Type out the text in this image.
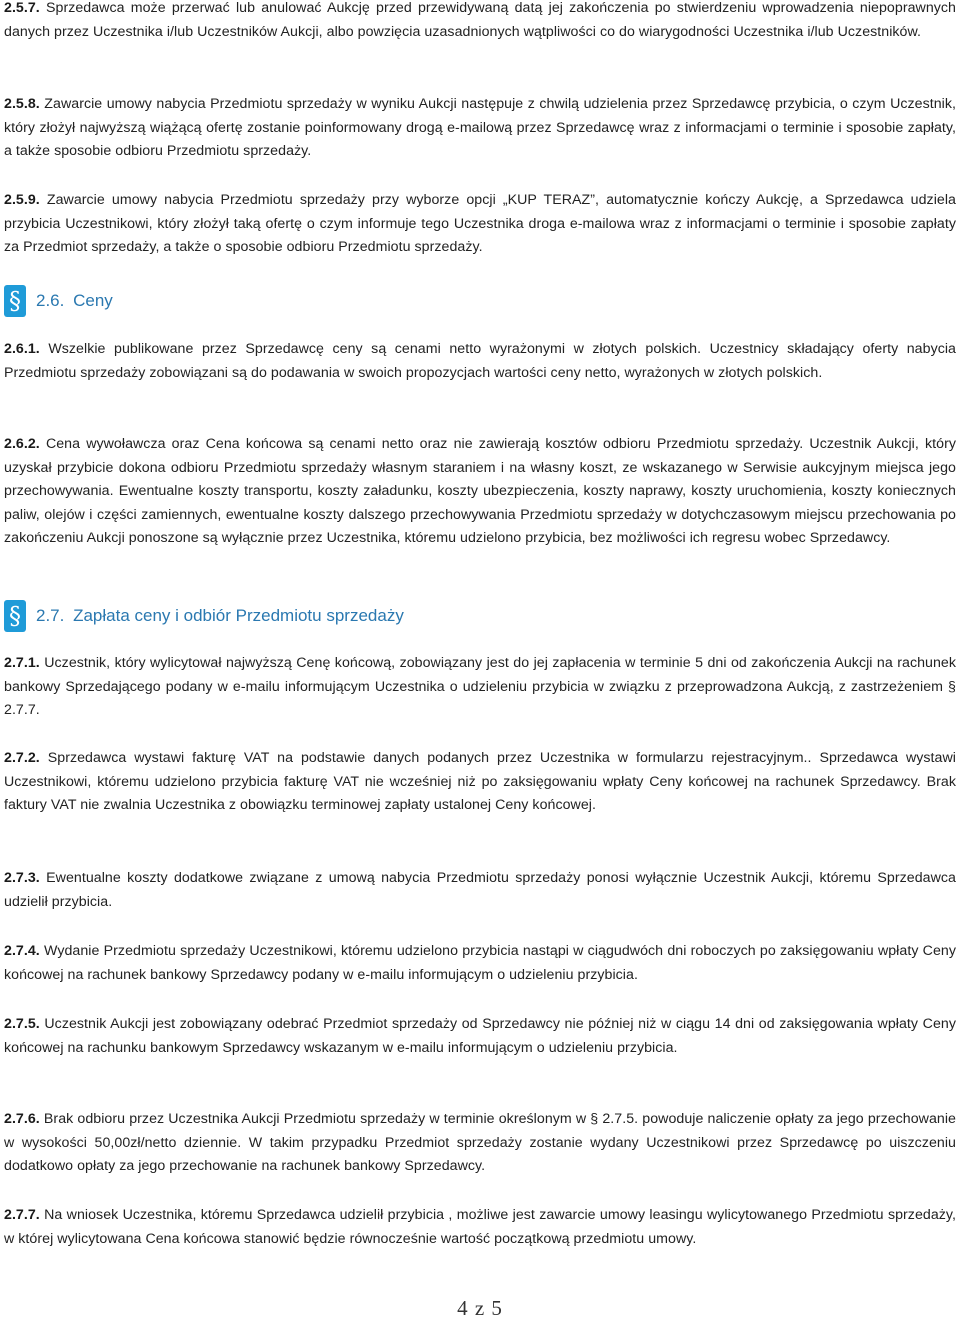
2.5.7. Sprzedawca może przerwać lub anulować Aukcję przed przewidywaną datą jej zakończenia po stwierdzeniu wprowadzenia niepoprawnych danych przez Uczestnika i/lub Uczestników Aukcji, albo powzięcia uzasadnionych wątpliwości co do wiarygodności Uczestnika i/lub Uczestników.
2.5.8. Zawarcie umowy nabycia Przedmiotu sprzedaży w wyniku Aukcji następuje z chwilą udzielenia przez Sprzedawcę przybicia, o czym Uczestnik, który złożył najwyższą wiążącą ofertę zostanie poinformowany drogą e-mailową przez Sprzedawcę wraz z informacjami o terminie i sposobie zapłaty, a także sposobie odbioru Przedmiotu sprzedaży.
2.5.9. Zawarcie umowy nabycia Przedmiotu sprzedaży przy wyborze opcji „KUP TERAZ”, automatycznie kończy Aukcję, a Sprzedawca udziela przybicia Uczestnikowi, który złożył taką ofertę o czym informuje tego Uczestnika droga e-mailowa wraz z informacjami o terminie i sposobie zapłaty za Przedmiot sprzedaży, a także o sposobie odbioru Przedmiotu sprzedaży.
§ 2.6. Ceny
2.6.1. Wszelkie publikowane przez Sprzedawcę ceny są cenami netto wyrażonymi w złotych polskich. Uczestnicy składający oferty nabycia Przedmiotu sprzedaży zobowiązani są do podawania w swoich propozycjach wartości ceny netto, wyrażonych w złotych polskich.
2.6.2. Cena wywoławcza oraz Cena końcowa są cenami netto oraz nie zawierają kosztów odbioru Przedmiotu sprzedaży. Uczestnik Aukcji, który uzyskał przybicie dokona odbioru Przedmiotu sprzedaży własnym staraniem i na własny koszt, ze wskazanego w Serwisie aukcyjnym miejsca jego przechowywania. Ewentualne koszty transportu, koszty załadunku, koszty ubezpieczenia, koszty naprawy, koszty uruchomienia, koszty koniecznych paliw, olejów i części zamiennych, ewentualne koszty dalszego przechowywania Przedmiotu sprzedaży w dotychczasowym miejscu przechowania po zakończeniu Aukcji ponoszone są wyłącznie przez Uczestnika, któremu udzielono przybicia, bez możliwości ich regresu wobec Sprzedawcy.
§ 2.7. Zapłata ceny i odbiór Przedmiotu sprzedaży
2.7.1. Uczestnik, który wylicytował najwyższą Cenę końcową, zobowiązany jest do jej zapłacenia w terminie 5 dni od zakończenia Aukcji na rachunek bankowy Sprzedającego podany w e-mailu informującym Uczestnika o udzieleniu przybicia w związku z przeprowadzona Aukcją, z zastrzeżeniem § 2.7.7.
2.7.2. Sprzedawca wystawi fakturę VAT na podstawie danych podanych przez Uczestnika w formularzu rejestracyjnym.. Sprzedawca wystawi Uczestnikowi, któremu udzielono przybicia fakturę VAT nie wcześniej niż po zaksięgowaniu wpłaty Ceny końcowej na rachunek Sprzedawcy. Brak faktury VAT nie zwalnia Uczestnika z obowiązku terminowej zapłaty ustalonej Ceny końcowej.
2.7.3. Ewentualne koszty dodatkowe związane z umową nabycia Przedmiotu sprzedaży ponosi wyłącznie Uczestnik Aukcji, któremu Sprzedawca udzielił przybicia.
2.7.4. Wydanie Przedmiotu sprzedaży Uczestnikowi, któremu udzielono przybicia nastąpi w ciągudwóch dni roboczych po zaksięgowaniu wpłaty Ceny końcowej na rachunek bankowy Sprzedawcy podany w e-mailu informującym o udzieleniu przybicia.
2.7.5. Uczestnik Aukcji jest zobowiązany odebrać Przedmiot sprzedaży od Sprzedawcy nie później niż w ciągu 14 dni od zaksięgowania wpłaty Ceny końcowej na rachunku bankowym Sprzedawcy wskazanym w e-mailu informującym o udzieleniu przybicia.
2.7.6. Brak odbioru przez Uczestnika Aukcji Przedmiotu sprzedaży w terminie określonym w § 2.7.5. powoduje naliczenie opłaty za jego przechowanie w wysokości 50,00zł/netto dziennie. W takim przypadku Przedmiot sprzedaży zostanie wydany Uczestnikowi przez Sprzedawcę po uiszczeniu dodatkowo opłaty za jego przechowanie na rachunek bankowy Sprzedawcy.
2.7.7. Na wniosek Uczestnika, któremu Sprzedawca udzielił przybicia , możliwe jest zawarcie umowy leasingu wylicytowanego Przedmiotu sprzedaży, w której wylicytowana Cena końcowa stanowić będzie równocześnie wartość początkową przedmiotu umowy.
4 z 5
